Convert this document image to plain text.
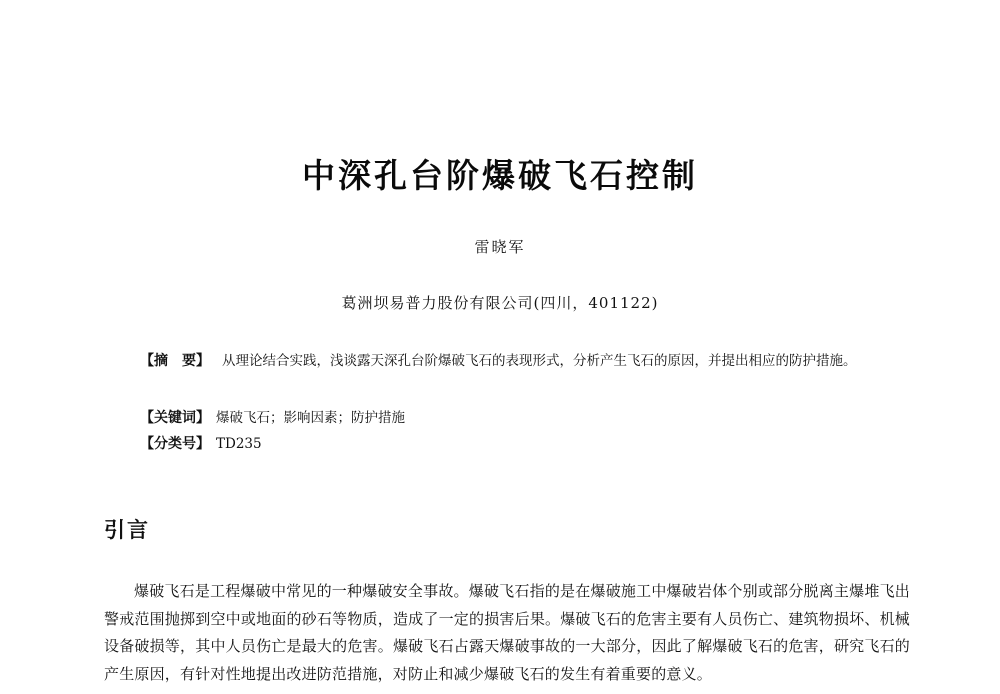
中深孔台阶爆破飞石控制
雷晓军
葛洲坝易普力股份有限公司(四川，401122)
【摘　要】 从理论结合实践，浅谈露天深孔台阶爆破飞石的表现形式，分析产生飞石的原因，并提出相应的防护措施。
【关键词】 爆破飞石；影响因素；防护措施
【分类号】 TD235
引言
爆破飞石是工程爆破中常见的一种爆破安全事故。爆破飞石指的是在爆破施工中爆破岩体个别或部分脱离主爆堆飞出警戒范围抛掷到空中或地面的砂石等物质，造成了一定的损害后果。爆破飞石的危害主要有人员伤亡、建筑物损坏、机械设备破损等，其中人员伤亡是最大的危害。爆破飞石占露天爆破事故的一大部分，因此了解爆破飞石的危害，研究飞石的产生原因，有针对性地提出改进防范措施，对防止和减少爆破飞石的发生有着重要的意义。
